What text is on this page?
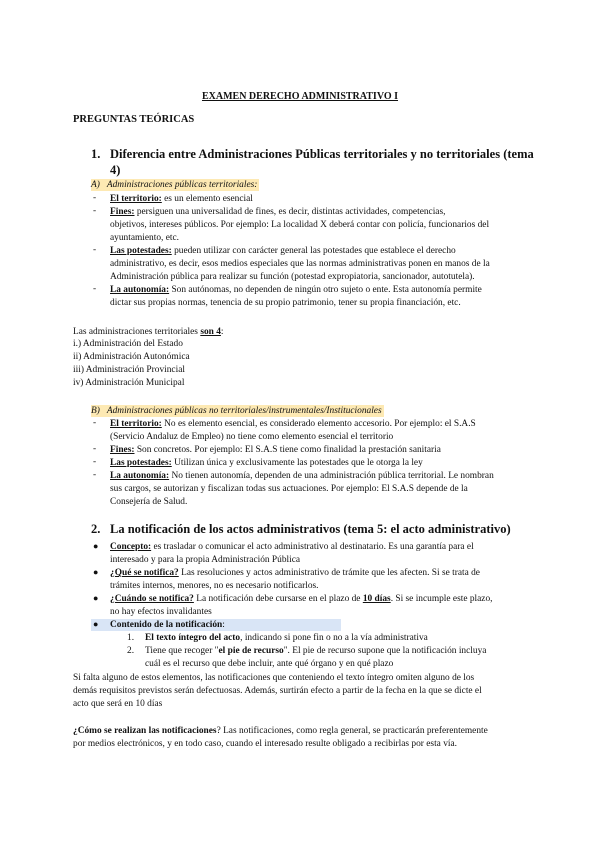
EXAMEN DERECHO ADMINISTRATIVO I
PREGUNTAS TEÓRICAS
1. Diferencia entre Administraciones Públicas territoriales y no territoriales (tema
4)
A) Administraciones públicas territoriales:
- El territorio: es un elemento esencial
- Fines: persiguen una universalidad de fines, es decir, distintas actividades, competencias,
objetivos, intereses públicos. Por ejemplo: La localidad X deberá contar con policía, funcionarios del
ayuntamiento, etc.
- Las potestades: pueden utilizar con carácter general las potestades que establece el derecho
administrativo, es decir, esos medios especiales que las normas administrativas ponen en manos de la
Administración pública para realizar su función (potestad expropiatoria, sancionador, autotutela).
- La autonomía: Son autónomas, no dependen de ningún otro sujeto o ente. Esta autonomía permite
dictar sus propias normas, tenencia de su propio patrimonio, tener su propia financiación, etc.
Las administraciones territoriales son 4:
i.) Administración del Estado
ii) Administración Autonómica
iii) Administración Provincial
iv) Administración Municipal
B) Administraciones públicas no territoriales/instrumentales/Institucionales
- El territorio: No es elemento esencial, es considerado elemento accesorio. Por ejemplo: el S.A.S
(Servicio Andaluz de Empleo) no tiene como elemento esencial el territorio
- Fines: Son concretos. Por ejemplo: El S.A.S tiene como finalidad la prestación sanitaria
- Las potestades: Utilizan única y exclusivamente las potestades que le otorga la ley
- La autonomía: No tienen autonomía, dependen de una administración pública territorial. Le nombran
sus cargos, se autorizan y fiscalizan todas sus actuaciones. Por ejemplo: El S.A.S depende de la
Consejería de Salud.
2. La notificación de los actos administrativos (tema 5: el acto administrativo)
● Concepto: es trasladar o comunicar el acto administrativo al destinatario. Es una garantía para el
interesado y para la propia Administración Pública
● ¿Qué se notifica? Las resoluciones y actos administrativo de trámite que les afecten. Si se trata de
trámites internos, menores, no es necesario notificarlos.
● ¿Cuándo se notifica? La notificación debe cursarse en el plazo de 10 días. Si se incumple este plazo,
no hay efectos invalidantes
● Contenido de la notificación:
1. El texto íntegro del acto, indicando si pone fin o no a la vía administrativa
2. Tiene que recoger "el pie de recurso". El pie de recurso supone que la notificación incluya
cuál es el recurso que debe incluir, ante qué órgano y en qué plazo
Si falta alguno de estos elementos, las notificaciones que conteniendo el texto íntegro omiten alguno de los
demás requisitos previstos serán defectuosas. Además, surtirán efecto a partir de la fecha en la que se dicte el
acto que será en 10 días
¿Cómo se realizan las notificaciones? Las notificaciones, como regla general, se practicarán preferentemente
por medios electrónicos, y en todo caso, cuando el interesado resulte obligado a recibirlas por esta vía.
